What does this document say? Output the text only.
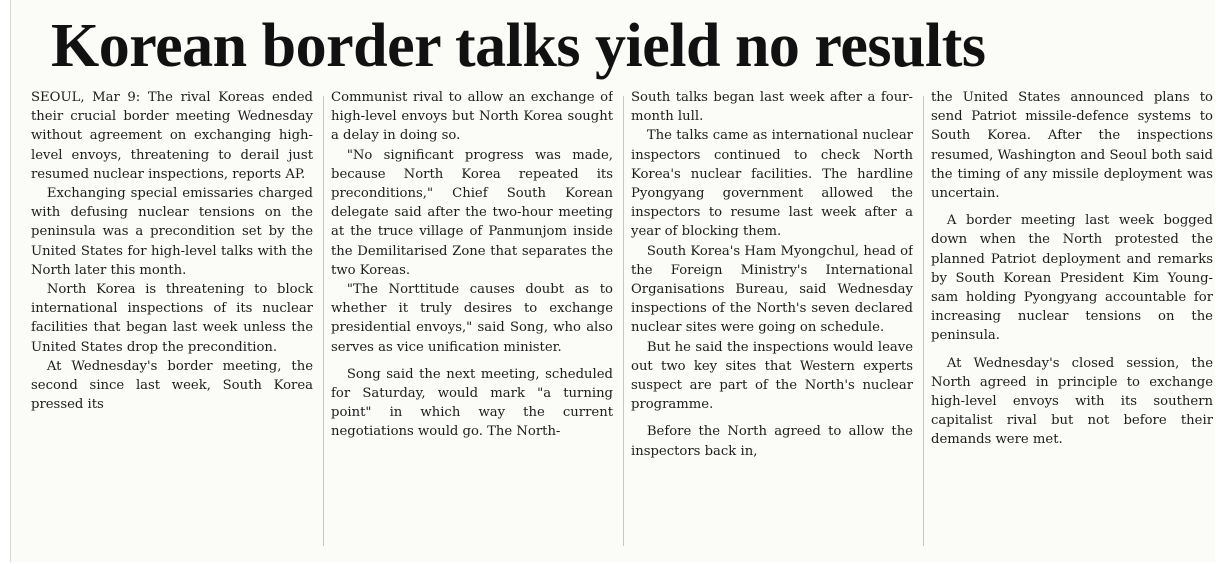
Korean border talks yield no results

SEOUL, Mar 9: The rival Koreas ended their crucial border meeting Wednesday without agreement on exchanging high-level envoys, threatening to derail just resumed nuclear inspections, reports AP.

Exchanging special emissaries charged with defusing nuclear tensions on the peninsula was a precondition set by the United States for high-level talks with the North later this month.

North Korea is threatening to block international inspections of its nuclear facilities that began last week unless the United States drop the precondition.

At Wednesday's border meeting, the second since last week, South Korea pressed its

Communist rival to allow an exchange of high-level envoys but North Korea sought a delay in doing so.

"No significant progress was made, because North Korea repeated its preconditions," Chief South Korean delegate said after the two-hour meeting at the truce village of Panmunjom inside the Demilitarised Zone that separates the two Koreas.

"The Norttitude causes doubt as to whether it truly desires to exchange presidential envoys," said Song, who also serves as vice unification minister.

Song said the next meeting, scheduled for Saturday, would mark "a turning point" in which way the current negotiations would go. The North-

South talks began last week after a four-month lull.

The talks came as international nuclear inspectors continued to check North Korea's nuclear facilities. The hardline Pyongyang government allowed the inspectors to resume last week after a year of blocking them.

South Korea's Ham Myongchul, head of the Foreign Ministry's International Organisations Bureau, said Wednesday inspections of the North's seven declared nuclear sites were going on schedule.

But he said the inspections would leave out two key sites that Western experts suspect are part of the North's nuclear programme.

Before the North agreed to allow the inspectors back in,

the United States announced plans to send Patriot missile-defence systems to South Korea. After the inspections resumed, Washington and Seoul both said the timing of any missile deployment was uncertain.

A border meeting last week bogged down when the North protested the planned Patriot deployment and remarks by South Korean President Kim Young-sam holding Pyongyang accountable for increasing nuclear tensions on the peninsula.

At Wednesday's closed session, the North agreed in principle to exchange high-level envoys with its southern capitalist rival but not before their demands were met.
